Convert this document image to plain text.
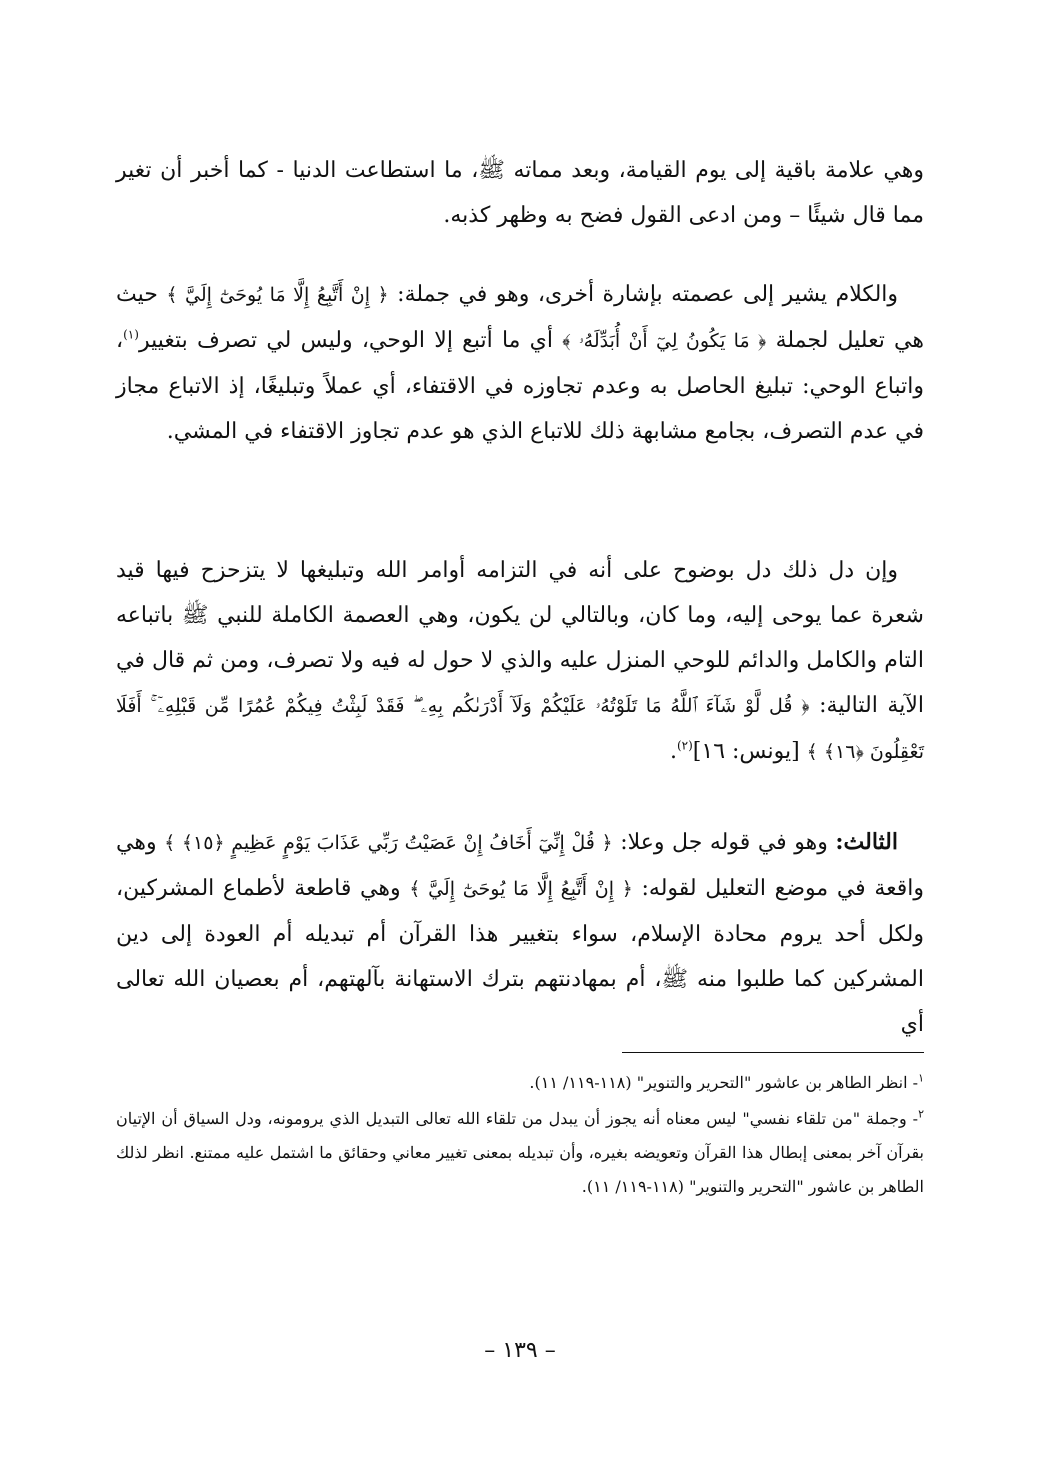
وهي علامة باقية إلى يوم القيامة، وبعد مماته ﷺ، ما استطاعت الدنيا - كما أخبر أن تغير مما قال شيئًا – ومن ادعى القول فضح به وظهر كذبه.

والكلام يشير إلى عصمته بإشارة أخرى، وهو في جملة: ﴿ إِنْ أَتَّبِعُ إِلَّا مَا يُوحَىٰٓ إِلَيَّ ﴾ حيث هي تعليل لجملة ﴿ مَا يَكُونُ لِيٓ أَنْ أُبَدِّلَهُۥ ﴾ أي ما أتبع إلا الوحي، وليس لي تصرف بتغيير$^{(١)}$، واتباع الوحي: تبليغ الحاصل به وعدم تجاوزه في الاقتفاء، أي عملاً وتبليغًا، إذ الاتباع مجاز في عدم التصرف، بجامع مشابهة ذلك للاتباع الذي هو عدم تجاوز الاقتفاء في المشي.

وإن دل ذلك دل بوضوح على أنه في التزامه أوامر الله وتبليغها لا يتزحزح فيها قيد شعرة عما يوحى إليه، وما كان، وبالتالي لن يكون، وهي العصمة الكاملة للنبي ﷺ باتباعه التام والكامل والدائم للوحي المنزل عليه والذي لا حول له فيه ولا تصرف، ومن ثم قال في الآية التالية: ﴿ قُل لَّوْ شَآءَ ٱللَّهُ مَا تَلَوْتُهُۥ عَلَيْكُمْ وَلَآ أَدْرَىٰكُم بِهِۦ ۖ فَقَدْ لَبِثْتُ فِيكُمْ عُمُرًا مِّن قَبْلِهِۦٓ ۚ أَفَلَا تَعْقِلُونَ ﴿١٦﴾ ﴾ [يونس: ١٦]$^{(٢)}$.

الثالث: وهو في قوله جل وعلا: ﴿ قُلْ إِنِّيٓ أَخَافُ إِنْ عَصَيْتُ رَبِّي عَذَابَ يَوْمٍ عَظِيمٍ ﴿١٥﴾ ﴾ وهي واقعة في موضع التعليل لقوله: ﴿ إِنْ أَتَّبِعُ إِلَّا مَا يُوحَىٰٓ إِلَيَّ ﴾ وهي قاطعة لأطماع المشركين، ولكل أحد يروم محادة الإسلام، سواء بتغيير هذا القرآن أم تبديله أم العودة إلى دين المشركين كما طلبوا منه ﷺ، أم بمهادنتهم بترك الاستهانة بآلهتهم، أم بعصيان الله تعالى أي

$^١$- انظر الطاهر بن عاشور "التحرير والتنوير" (١١٨-١١٩/ ١١).

$^٢$- وجملة "من تلقاء نفسي" ليس معناه أنه يجوز أن يبدل من تلقاء الله تعالى التبديل الذي يرومونه، ودل السياق أن الإتيان بقرآن آخر بمعنى إبطال هذا القرآن وتعويضه بغيره، وأن تبديله بمعنى تغيير معاني وحقائق ما اشتمل عليه ممتنع. انظر لذلك الطاهر بن عاشور "التحرير والتنوير" (١١٨-١١٩/ ١١).

– ١٣٩ –
